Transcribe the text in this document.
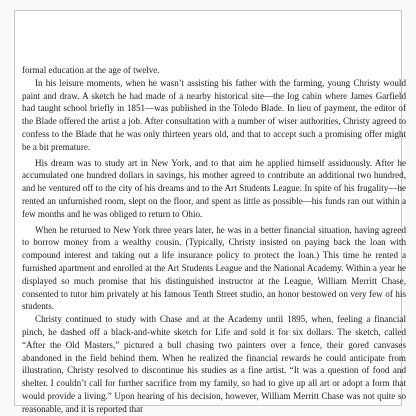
formal education at the age of twelve.

In his leisure moments, when he wasn’t assisting his father with the farming, young Christy would paint and draw. A sketch he had made of a nearby historical site—the log cabin where James Garfield had taught school briefly in 1851—was published in the Toledo Blade. In lieu of payment, the editor of the Blade offered the artist a job. After consultation with a number of wiser authorities, Christy agreed to confess to the Blade that he was only thirteen years old, and that to accept such a promising offer might be a bit premature.

His dream was to study art in New York, and to that aim he applied himself assiduously. After he accumulated one hundred dollars in savings, his mother agreed to contribute an additional two hundred, and he ventured off to the city of his dreams and to the Art Students League. In spite of his frugality—he rented an unfurnished room, slept on the floor, and spent as little as possible—his funds ran out within a few months and he was obliged to return to Ohio.

When he returned to New York three years later, he was in a better financial situation, having agreed to borrow money from a wealthy cousin. (Typically, Christy insisted on paying back the loan with compound interest and taking out a life insurance policy to protect the loan.) This time he rented a furnished apartment and enrolled at the Art Students League and the National Academy. Within a year he displayed so much promise that his distinguished instructor at the League, William Merritt Chase, consented to tutor him privately at his famous Tenth Street studio, an honor bestowed on very few of his students.

Christy continued to study with Chase and at the Academy until 1895, when, feeling a financial pinch, he dashed off a black-and-white sketch for Life and sold it for six dollars. The sketch, called “After the Old Masters,” pictured a bull chasing two painters over a fence, their gored canvases abandoned in the field behind them. When he realized the financial rewards he could anticipate from illustration, Christy resolved to discontinue his studies as a fine artist. “It was a question of food and shelter. I couldn’t call for further sacrifice from my family, so had to give up all art or adopt a form that would provide a living.” Upon hearing of his decision, however, William Merritt Chase was not quite so reasonable, and it is reported that
